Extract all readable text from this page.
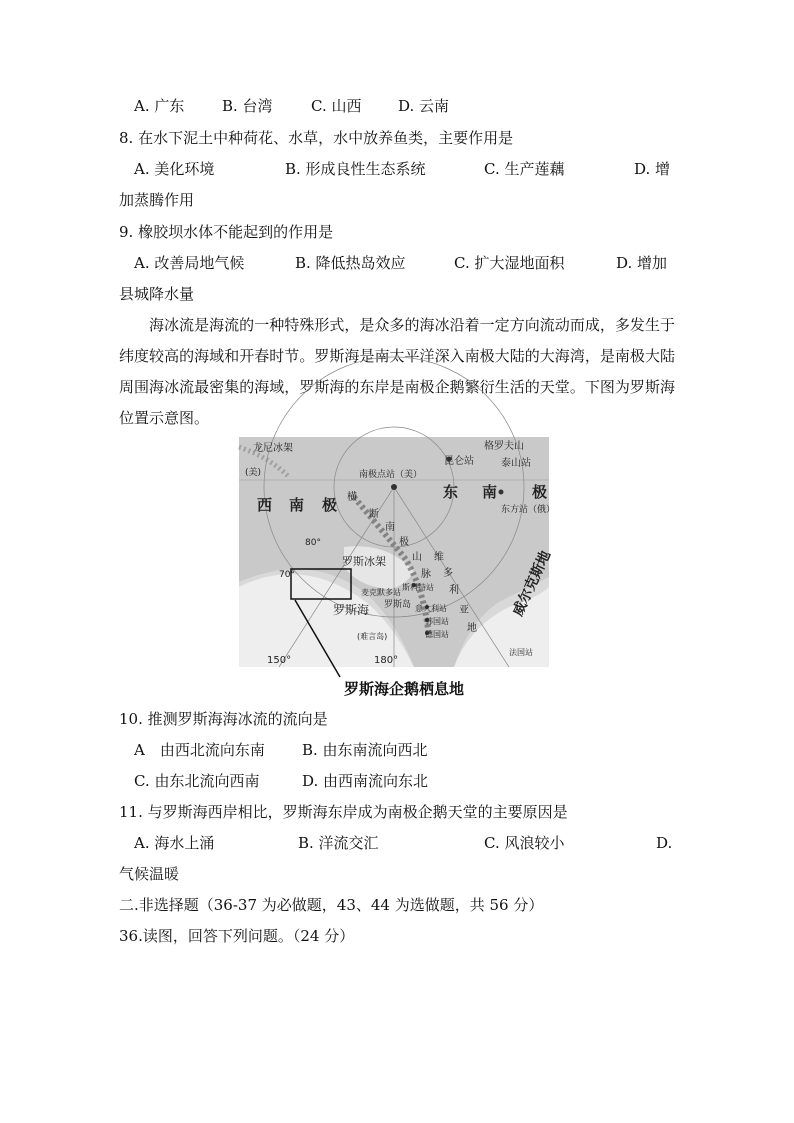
A. 广东	B. 台湾	C. 山西 D. 云南
8. 在水下泥土中种荷花、水草，水中放养鱼类，主要作用是
A. 美化环境	B. 形成良性生态系统	C. 生产莲藕	D. 增
加蒸腾作用
9. 橡胶坝水体不能起到的作用是
A. 改善局地气候	B. 降低热岛效应	C. 扩大湿地面积	D. 增加
县城降水量
海冰流是海流的一种特殊形式，是众多的海冰沿着一定方向流动而成，多发生于纬度较高的海域和开春时节。罗斯海是南太平洋深入南极大陆的大海湾，是南极大陆周围海冰流最密集的海域，罗斯海的东岸是南极企鹅繁衍生活的天堂。下图为罗斯海位置示意图。
龙尼冰架
(美)
格罗夫山
昆仑站	泰山站
南极点站（美）
西 南 极
东 南 极
横
断
南
极
山
东方站（俄）
罗斯冰架	维
脉 多
利
亚
地
麦克默多站
斯科特站
罗斯岛
罗斯海	意大利站
韩国站
德国站
(难言岛)
威尔克斯地
80°
70°
150°	180°
法国站
罗斯海企鹅栖息地
10. 推测罗斯海海冰流的流向是
A　由西北流向东南 B. 由东南流向西北
C. 由东北流向西南	D. 由西南流向东北
11. 与罗斯海西岸相比，罗斯海东岸成为南极企鹅天堂的主要原因是
A. 海水上涌	B. 洋流交汇	C. 风浪较小	D.
气候温暖
二.非选择题（36-37 为必做题，43、44 为选做题，共 56 分）
36.读图，回答下列问题。（24 分）
